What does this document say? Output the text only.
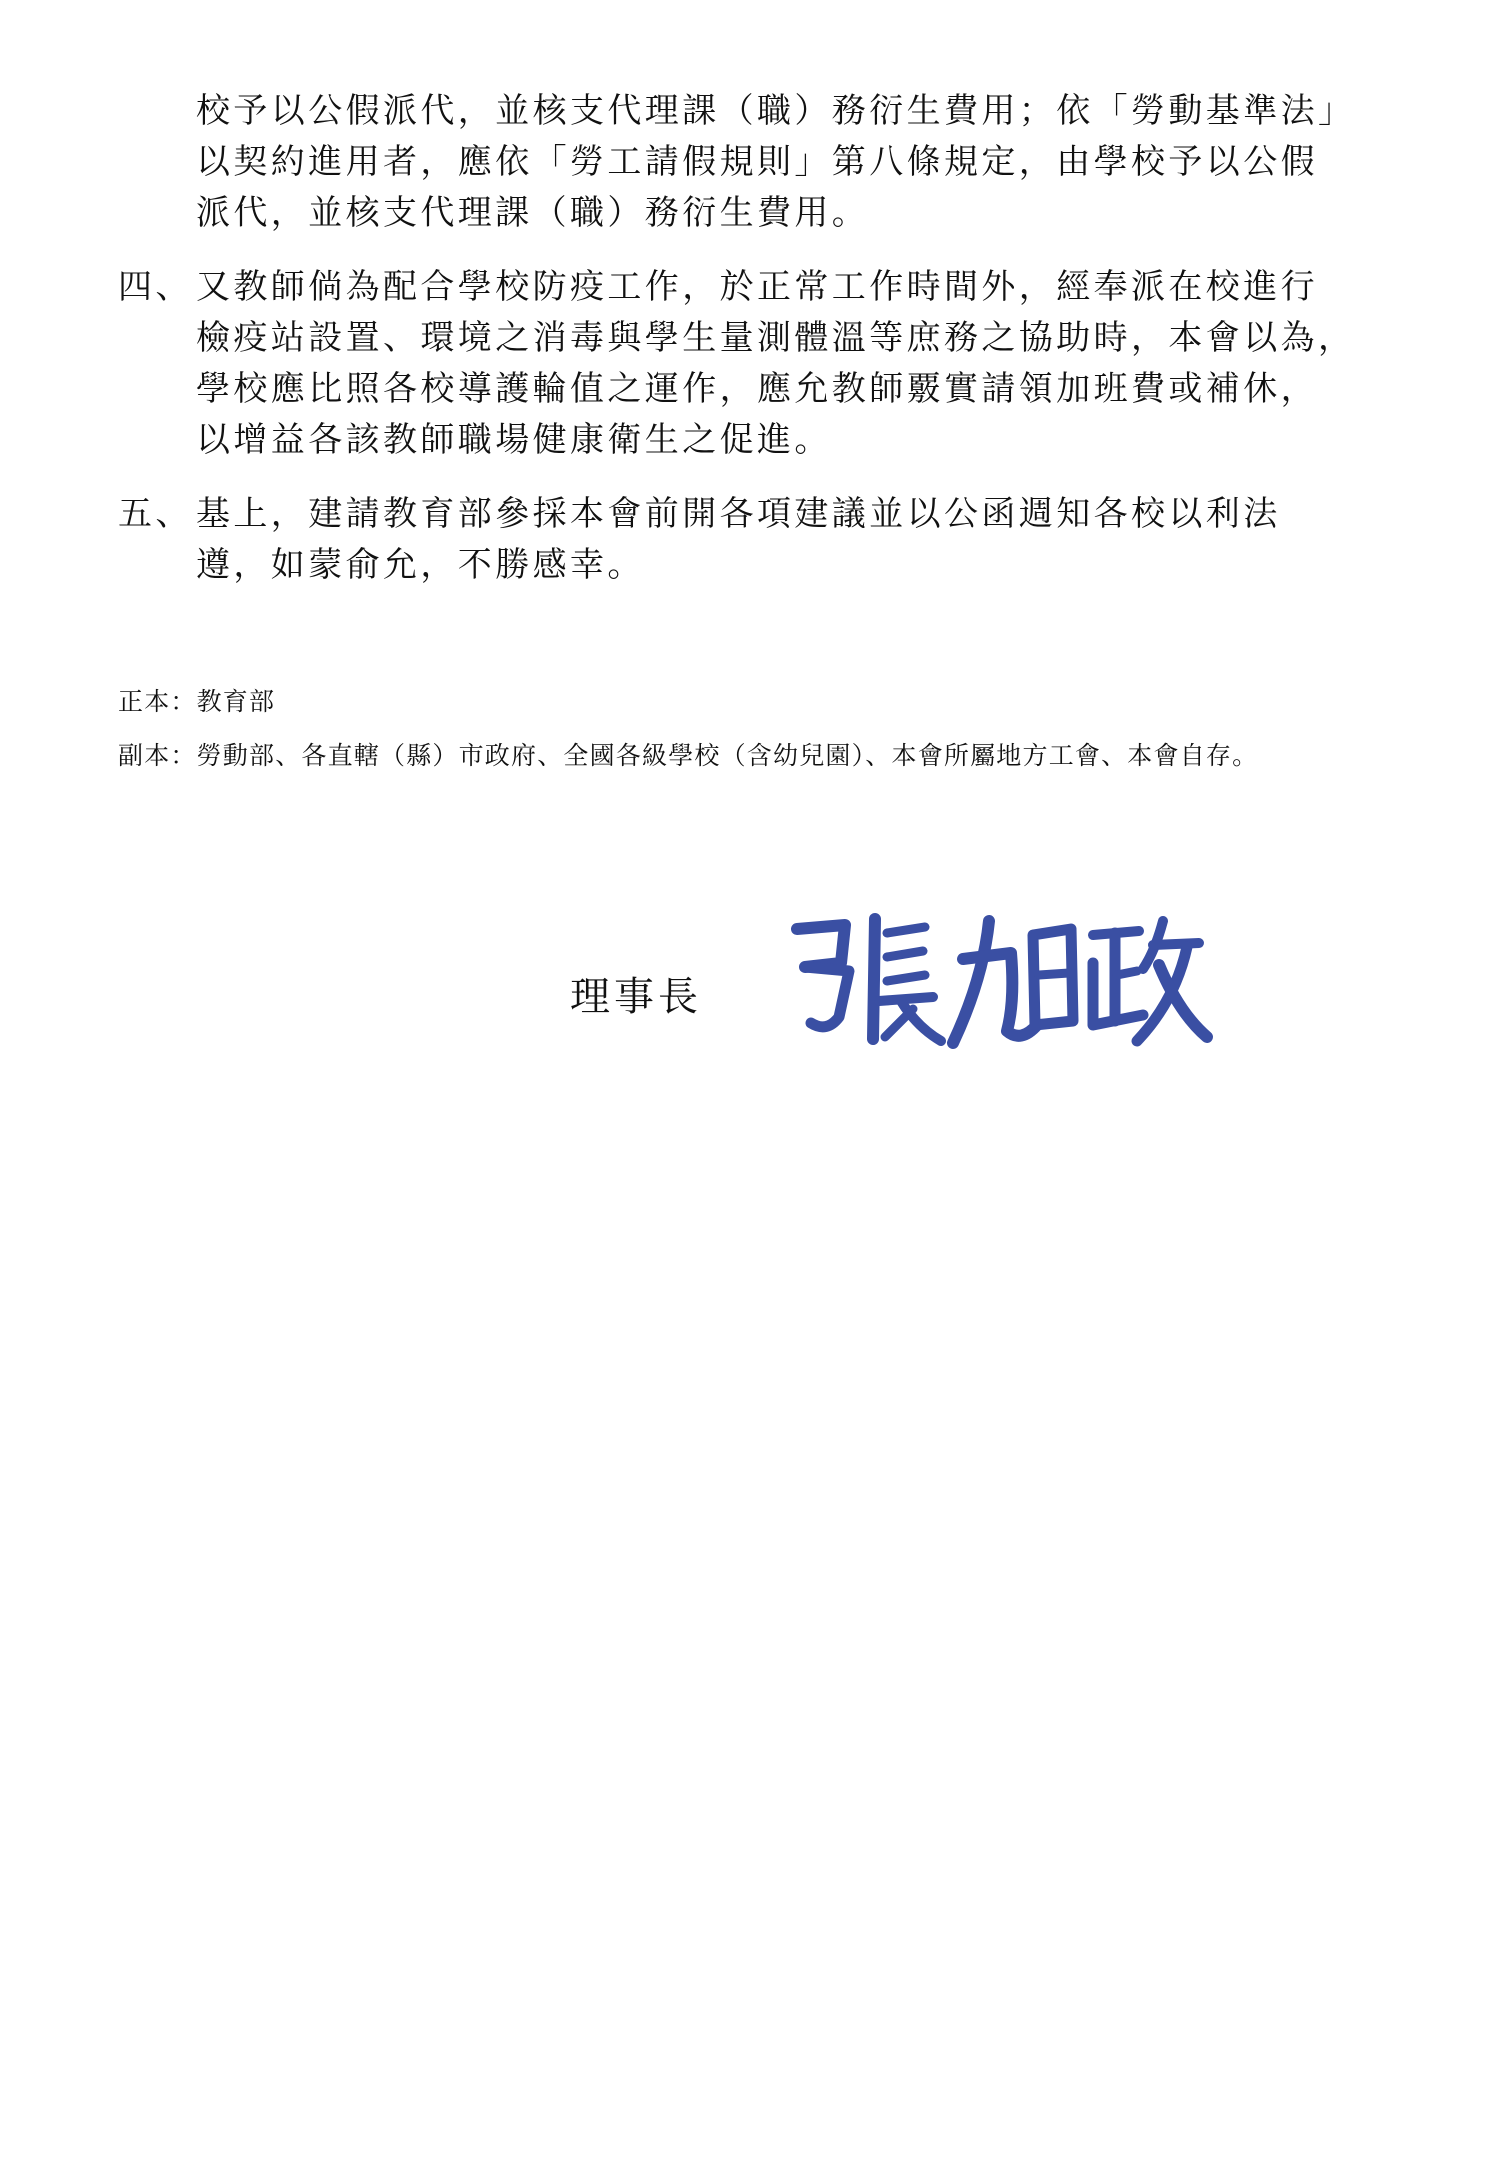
校予以公假派代，並核支代理課（職）務衍生費用；依「勞動基準法」
以契約進用者，應依「勞工請假規則」第八條規定，由學校予以公假
派代，並核支代理課（職）務衍生費用。
四、 又教師倘為配合學校防疫工作，於正常工作時間外，經奉派在校進行
檢疫站設置、環境之消毒與學生量測體溫等庶務之協助時，本會以為，
學校應比照各校導護輪值之運作，應允教師覈實請領加班費或補休，
以增益各該教師職場健康衛生之促進。
五、 基上，建請教育部參採本會前開各項建議並以公函週知各校以利法
遵，如蒙俞允，不勝感幸。
正本：教育部
副本：勞動部、各直轄（縣）市政府、全國各級學校（含幼兒園）、本會所屬地方工會、本會自存。
理事長
